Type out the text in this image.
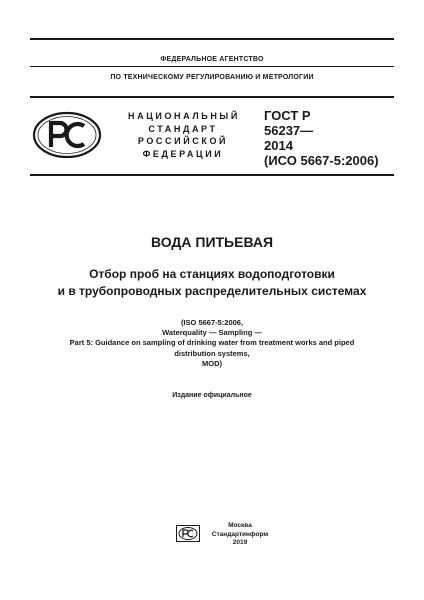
ФЕДЕРАЛЬНОЕ АГЕНТСТВО
ПО ТЕХНИЧЕСКОМУ РЕГУЛИРОВАНИЮ И МЕТРОЛОГИИ
НАЦИОНАЛЬНЫЙ
СТАНДАРТ
РОССИЙСКОЙ
ФЕДЕРАЦИИ
ГОСТ Р
56237—
2014
(ИСО 5667-5:2006)
ВОДА ПИТЬЕВАЯ
Отбор проб на станциях водоподготовки
и в трубопроводных распределительных системах
(ISO 5667-5:2006,
Waterquality — Sampling —
Part 5: Guidance on sampling of drinking water from treatment works and piped
distribution systems,
MOD)
Издание официальное
Москва
Стандартинформ
2019
